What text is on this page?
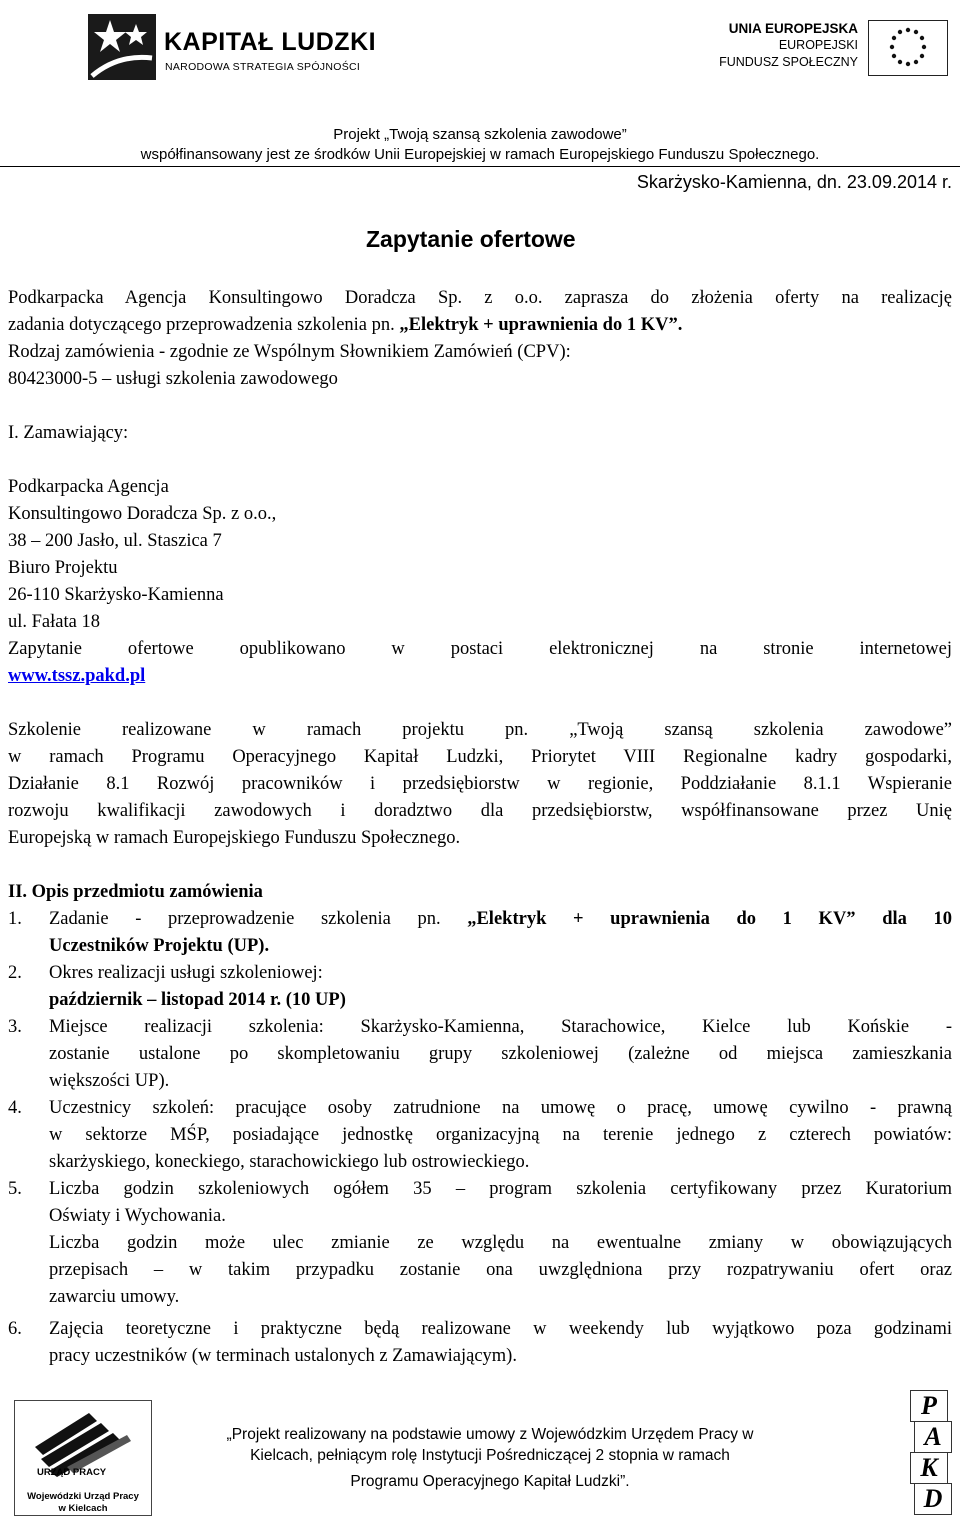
KAPITAŁ LUDZKI
NARODOWA STRATEGIA SPÓJNOŚCI
UNIA EUROPEJSKA
EUROPEJSKI
FUNDUSZ SPOŁECZNY
Projekt „Twoją szansą szkolenia zawodowe”
współfinansowany jest ze środków Unii Europejskiej w ramach Europejskiego Funduszu Społecznego.
Skarżysko-Kamienna, dn. 23.09.2014 r.
Zapytanie ofertowe
Podkarpacka Agencja Konsultingowo Doradcza Sp. z o.o. zaprasza do złożenia oferty na realizację
zadania dotyczącego przeprowadzenia szkolenia pn. „Elektryk + uprawnienia do 1 KV”.
Rodzaj zamówienia - zgodnie ze Wspólnym Słownikiem Zamówień (CPV):
80423000-5 – usługi szkolenia zawodowego
I. Zamawiający:
Podkarpacka Agencja
Konsultingowo Doradcza Sp. z o.o.,
38 – 200 Jasło, ul. Staszica 7
Biuro Projektu
26-110 Skarżysko-Kamienna
ul. Fałata 18
Zapytanie ofertowe opublikowano w postaci elektronicznej na stronie internetowej
www.tssz.pakd.pl
Szkolenie realizowane w ramach projektu pn. „Twoją szansą szkolenia zawodowe”
w ramach Programu Operacyjnego Kapitał Ludzki, Priorytet VIII Regionalne kadry gospodarki,
Działanie 8.1 Rozwój pracowników i przedsiębiorstw w regionie, Poddziałanie 8.1.1 Wspieranie
rozwoju kwalifikacji zawodowych i doradztwo dla przedsiębiorstw, współfinansowane przez Unię
Europejską w ramach Europejskiego Funduszu Społecznego.
II. Opis przedmiotu zamówienia
1. Zadanie - przeprowadzenie szkolenia pn. „Elektryk + uprawnienia do 1 KV” dla 10
Uczestników Projektu (UP).
2. Okres realizacji usługi szkoleniowej:
październik – listopad 2014 r. (10 UP)
3. Miejsce realizacji szkolenia: Skarżysko-Kamienna, Starachowice, Kielce lub Końskie -
zostanie ustalone po skompletowaniu grupy szkoleniowej (zależne od miejsca zamieszkania
większości UP).
4. Uczestnicy szkoleń: pracujące osoby zatrudnione na umowę o pracę, umowę cywilno - prawną
w sektorze MŚP, posiadające jednostkę organizacyjną na terenie jednego z czterech powiatów:
skarżyskiego, koneckiego, starachowickiego lub ostrowieckiego.
5. Liczba godzin szkoleniowych ogółem 35 – program szkolenia certyfikowany przez Kuratorium
Oświaty i Wychowania.
Liczba godzin może ulec zmianie ze względu na ewentualne zmiany w obowiązujących
przepisach – w takim przypadku zostanie ona uwzględniona przy rozpatrywaniu ofert oraz
zawarciu umowy.
6. Zajęcia teoretyczne i praktyczne będą realizowane w weekendy lub wyjątkowo poza godzinami
pracy uczestników (w terminach ustalonych z Zamawiającym).
URZĄD PRACY
Wojewódzki Urząd Pracy
w Kielcach
„Projekt realizowany na podstawie umowy z Wojewódzkim Urzędem Pracy w
Kielcach, pełniącym rolę Instytucji Pośredniczącej 2 stopnia w ramach
Programu Operacyjnego Kapitał Ludzki”.
P
A
K
D
